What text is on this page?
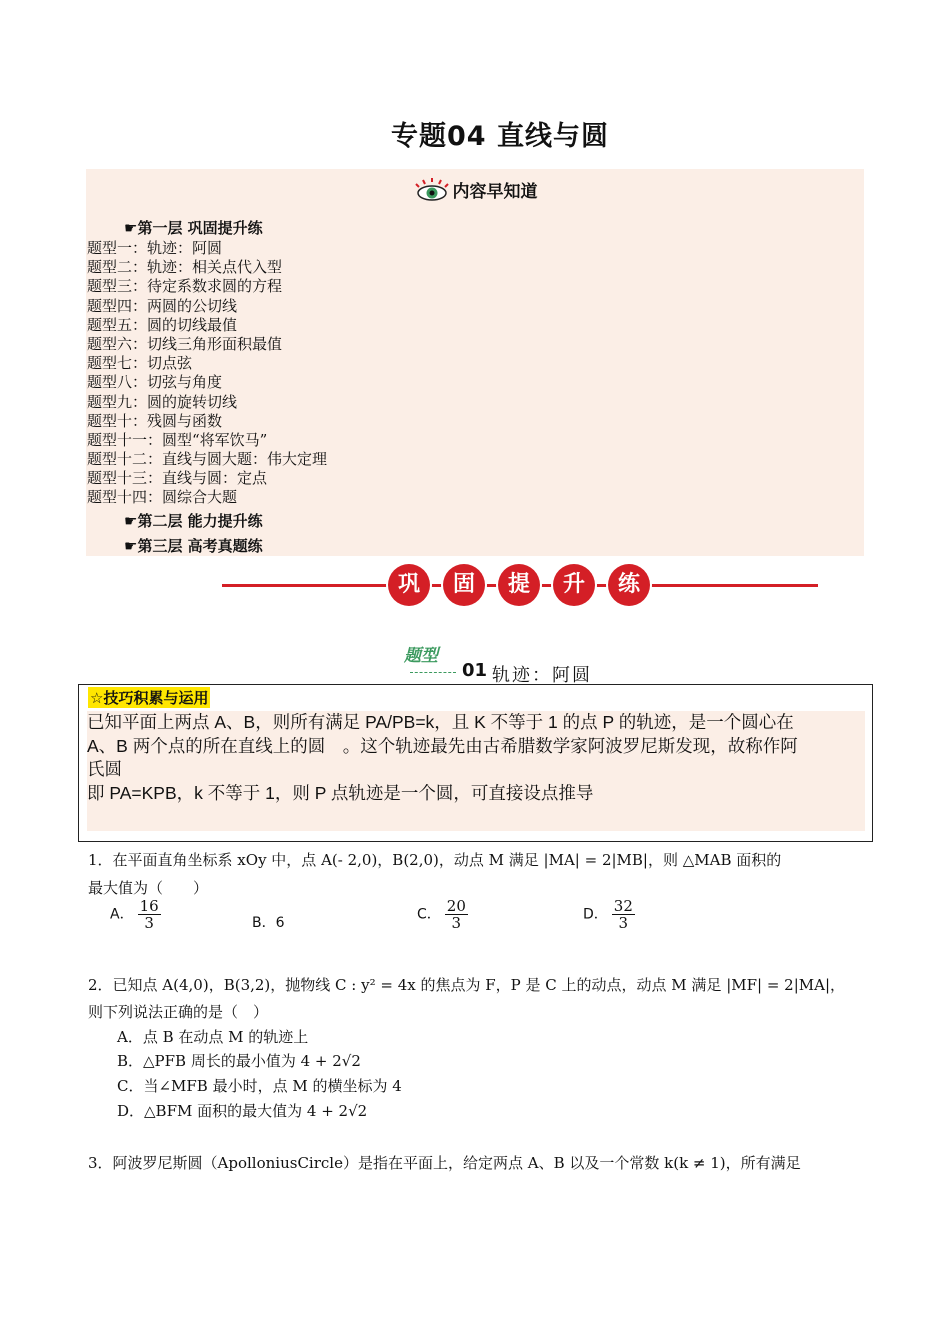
专题04 直线与圆
内容早知道
☛第一层 巩固提升练
题型一：轨迹：阿圆
题型二：轨迹：相关点代入型
题型三：待定系数求圆的方程
题型四：两圆的公切线
题型五：圆的切线最值
题型六：切线三角形面积最值
题型七：切点弦
题型八：切弦与角度
题型九：圆的旋转切线
题型十：残圆与函数
题型十一：圆型“将军饮马”
题型十二：直线与圆大题：伟大定理
题型十三：直线与圆：定点
题型十四：圆综合大题
☛第二层 能力提升练
☛第三层 高考真题练
巩	固	提	升	练
题型
01 轨迹：阿圆
☆技巧积累与运用
已知平面上两点 A、B，则所有满足 PA/PB=k，且 K 不等于 1 的点 P 的轨迹，是一个圆心在
A、B 两个点的所在直线上的圆　。这个轨迹最先由古希腊数学家阿波罗尼斯发现，故称作阿
氏圆
即 PA=KPB，k 不等于 1，则 P 点轨迹是一个圆，可直接设点推导
1．在平面直角坐标系 xOy 中，点 A(- 2,0)，B(2,0)，动点 M 满足 |MA| = 2|MB|，则 △MAB 面积的
最大值为（　　）
A． $\frac{16}{3}$	B．6
C． $\frac{20}{3}$	D． $\frac{32}{3}$
2．已知点 A(4,0)，B(3,2)，抛物线 C : y² = 4x 的焦点为 F，P 是 C 上的动点，动点 M 满足 |MF| = 2|MA|，
则下列说法正确的是（　）
A．点 B 在动点 M 的轨迹上
B．△PFB 周长的最小值为 4 + 2√2
C．当∠MFB 最小时，点 M 的横坐标为 4
D．△BFM 面积的最大值为 4 + 2√2
3．阿波罗尼斯圆（ApolloniusCircle）是指在平面上，给定两点 A、B 以及一个常数 k(k ≠ 1)，所有满足
